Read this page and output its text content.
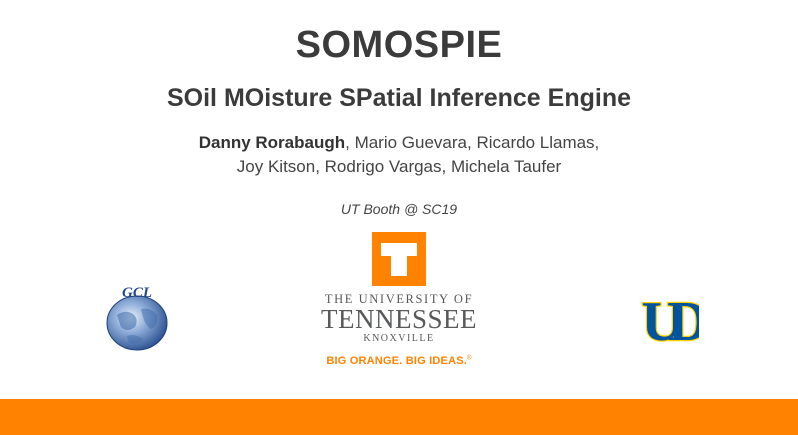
SOMOSPIE
SOil MOisture SPatial Inference Engine
Danny Rorabaugh, Mario Guevara, Ricardo Llamas,
Joy Kitson, Rodrigo Vargas, Michela Taufer
UT Booth @ SC19
GCL	THE UNIVERSITY OF
TENNESSEE
KNOXVILLE
BIG ORANGE. BIG IDEAS.®
UD
